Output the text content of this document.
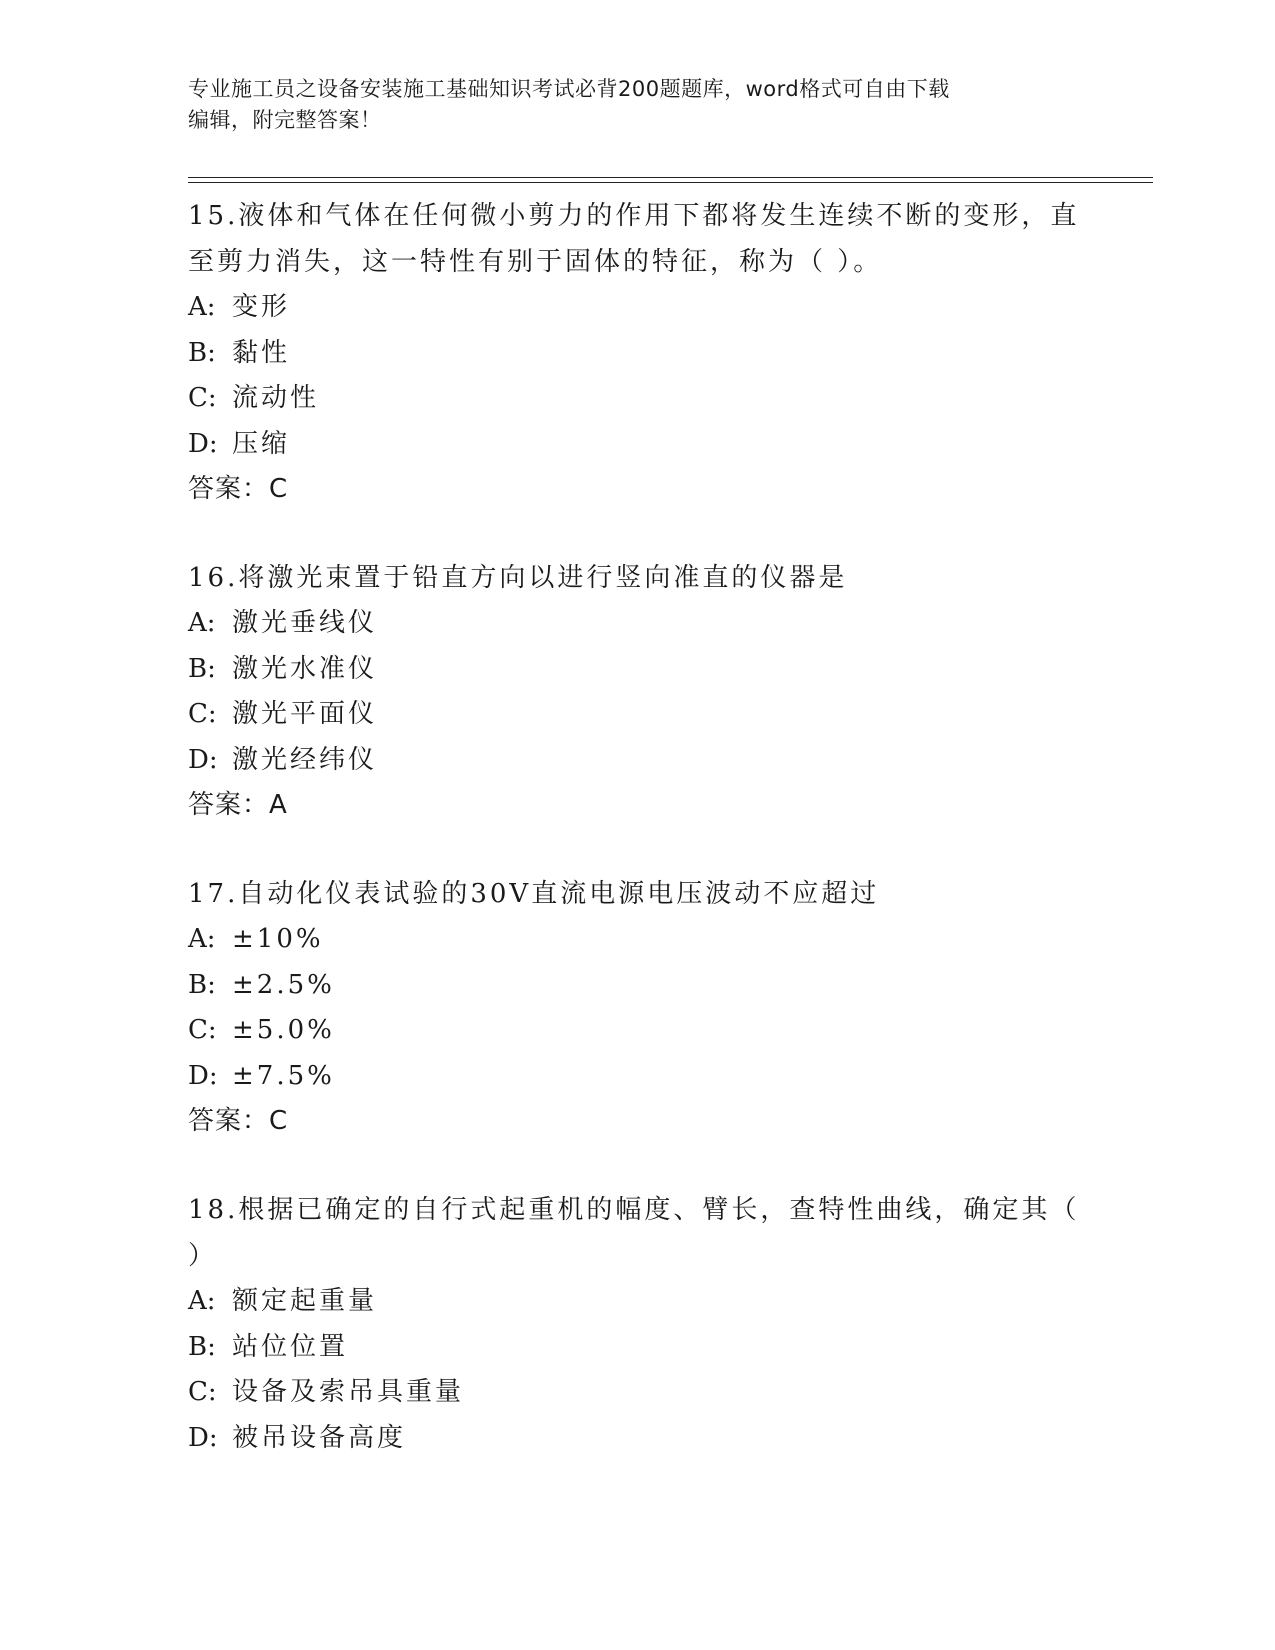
专业施工员之设备安装施工基础知识考试必背200题题库，word格式可自由下载
编辑，附完整答案！
15.液体和气体在任何微小剪力的作用下都将发生连续不断的变形，直
至剪力消失，这一特性有别于固体的特征，称为（ ）。
A: 变形
B: 黏性
C: 流动性
D: 压缩
答案：C
16.将激光束置于铅直方向以进行竖向准直的仪器是
A: 激光垂线仪
B: 激光水准仪
C: 激光平面仪
D: 激光经纬仪
答案：A
17.自动化仪表试验的30V直流电源电压波动不应超过
A: ±10%
B: ±2.5%
C: ±5.0%
D: ±7.5%
答案：C
18.根据已确定的自行式起重机的幅度、臂长，查特性曲线，确定其（
）
A: 额定起重量
B: 站位位置
C: 设备及索吊具重量
D: 被吊设备高度
